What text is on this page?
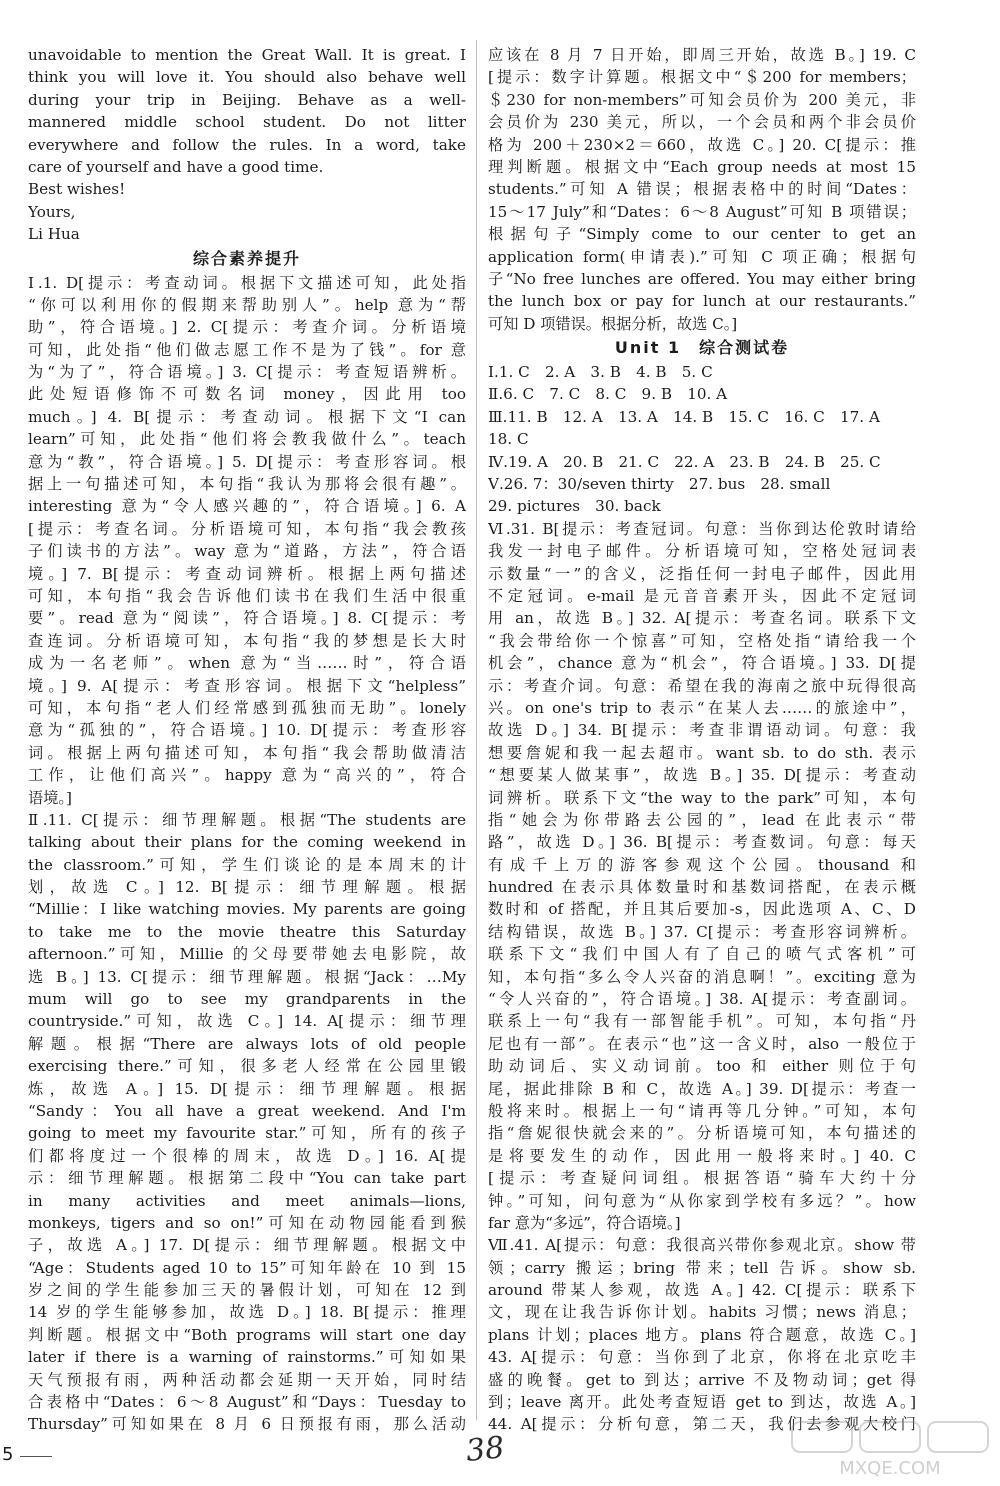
unavoidable to mention the Great Wall. It is great. I
think you will love it. You should also behave well
during your trip in Beijing. Behave as a well-
mannered middle school student. Do not litter
everywhere and follow the rules. In a word, take
care of yourself and have a good time.
Best wishes!
Yours,
Li Hua
综合素养提升
Ⅰ.1. D[提示：考查动词。根据下文描述可知，此处指
“你可以利用你的假期来帮助别人”。help 意为“帮
助”，符合语境。] 2. C[提示：考查介词。分析语境
可知，此处指“他们做志愿工作不是为了钱”。for 意
为“为了”，符合语境。] 3. C[提示：考查短语辨析。
此处短语修饰不可数名词 money，因此用 too
much。] 4. B[提示：考查动词。根据下文“I can
learn”可知，此处指“他们将会教我做什么”。teach
意为“教”，符合语境。] 5. D[提示：考查形容词。根
据上一句描述可知，本句指“我认为那将会很有趣”。
interesting 意为“令人感兴趣的”，符合语境。] 6. A
[提示：考查名词。分析语境可知，本句指“我会教孩
子们读书的方法”。way 意为“道路，方法”，符合语
境。] 7. B[提示：考查动词辨析。根据上两句描述
可知，本句指“我会告诉他们读书在我们生活中很重
要”。read 意为“阅读”，符合语境。] 8. C[提示：考
查连词。分析语境可知，本句指“我的梦想是长大时
成为一名老师”。when 意为“当……时”，符合语
境。] 9. A[提示：考查形容词。根据下文“helpless”
可知，本句指“老人们经常感到孤独而无助”。lonely
意为“孤独的”，符合语境。] 10. D[提示：考查形容
词。根据上两句描述可知，本句指“我会帮助做清洁
工作，让他们高兴”。happy 意为“高兴的”，符合
语境。]
Ⅱ.11. C[提示：细节理解题。根据“The students are
talking about their plans for the coming weekend in
the classroom.”可知，学生们谈论的是本周末的计
划，故选 C。] 12. B[提示：细节理解题。根据
“Millie：I like watching movies. My parents are going
to take me to the movie theatre this Saturday
afternoon.”可知，Millie 的父母要带她去电影院，故
选 B。] 13. C[提示：细节理解题。根据“Jack：…My
mum will go to see my grandparents in the
countryside.”可知，故选 C。] 14. A[提示：细节理
解题。根据“There are always lots of old people
exercising there.”可知，很多老人经常在公园里锻
炼，故选 A。] 15. D[提示：细节理解题。根据
“Sandy：You all have a great weekend. And I'm
going to meet my favourite star.”可知，所有的孩子
们都将度过一个很棒的周末，故选 D。] 16. A[提
示：细节理解题。根据第二段中“You can take part
in many activities and meet animals—lions,
monkeys, tigers and so on!”可知在动物园能看到猴
子，故选 A。] 17. D[提示：细节理解题。根据文中
“Age：Students aged 10 to 15”可知年龄在 10 到 15
岁之间的学生能参加三天的暑假计划，可知在 12 到
14 岁的学生能够参加，故选 D。] 18. B[提示：推理
判断题。根据文中“Both programs will start one day
later if there is a warning of rainstorms.”可知如果
天气预报有雨，两种活动都会延期一天开始，同时结
合表格中“Dates：6～8 August”和“Days：Tuesday to
Thursday”可知如果在 8 月 6 日预报有雨，那么活动
应该在 8 月 7 日开始，即周三开始，故选 B。] 19. C
[提示：数字计算题。根据文中“＄200 for members；
＄230 for non-members”可知会员价为 200 美元，非
会员价为 230 美元，所以，一个会员和两个非会员价
格为 200＋230×2＝660，故选 C。] 20. C[提示：推
理判断题。根据文中“Each group needs at most 15
students.”可知 A 错误；根据表格中的时间“Dates：
15～17 July”和“Dates：6～8 August”可知 B 项错误；
根据句子“Simply come to our center to get an
application form(申请表).”可知 C 项正确；根据句
子“No free lunches are offered. You may either bring
the lunch box or pay for lunch at our restaurants.”
可知 D 项错误。根据分析，故选 C。]
Unit 1　综合测试卷
Ⅰ.1. C　2. A　3. B　4. B　5. C
Ⅱ.6. C　7. C　8. C　9. B　10. A
Ⅲ.11. B　12. A　13. A　14. B　15. C　16. C　17. A
18. C
Ⅳ.19. A　20. B　21. C　22. A　23. B　24. B　25. C
Ⅴ.26. 7：30/seven thirty　27. bus　28. small
29. pictures　30. back
Ⅵ.31. B[提示：考查冠词。句意：当你到达伦敦时请给
我发一封电子邮件。分析语境可知，空格处冠词表
示数量“一”的含义，泛指任何一封电子邮件，因此用
不定冠词。e-mail 是元音音素开头，因此不定冠词
用 an，故选 B。] 32. A[提示：考查名词。联系下文
“我会带给你一个惊喜”可知，空格处指“请给我一个
机会”，chance 意为“机会”，符合语境。] 33. D[提
示：考查介词。句意：希望在我的海南之旅中玩得很高
兴。on one's trip to 表示“在某人去……的旅途中”，
故选 D。] 34. B[提示：考查非谓语动词。句意：我
想要詹妮和我一起去超市。want sb. to do sth. 表示
“想要某人做某事”，故选 B。] 35. D[提示：考查动
词辨析。联系下文“the way to the park”可知，本句
指“她会为你带路去公园的”，lead 在此表示“带
路”，故选 D。] 36. B[提示：考查数词。句意：每天
有成千上万的游客参观这个公园。thousand 和
hundred 在表示具体数量时和基数词搭配，在表示概
数时和 of 搭配，并且其后要加-s，因此选项 A、C、D
结构错误，故选 B。] 37. C[提示：考查形容词辨析。
联系下文“我们中国人有了自己的喷气式客机”可
知，本句指“多么令人兴奋的消息啊！”。exciting 意为
“令人兴奋的”，符合语境。] 38. A[提示：考查副词。
联系上一句“我有一部智能手机”。可知，本句指“丹
尼也有一部”。在表示“也”这一含义时，also 一般位于
助动词后、实义动词前。too 和 either 则位于句
尾，据此排除 B 和 C，故选 A。] 39. D[提示：考查一
般将来时。根据上一句“请再等几分钟。”可知，本句
指“詹妮很快就会来的”。分析语境可知，本句描述的
是将要发生的动作，因此用一般将来时。] 40. C
[提示：考查疑问词组。根据答语“骑车大约十分
钟。”可知，问句意为“从你家到学校有多远？”。how
far 意为“多远”，符合语境。]
Ⅶ.41. A[提示：句意：我很高兴带你参观北京。show 带
领；carry 搬运；bring 带来；tell 告诉。show sb.
around 带某人参观，故选 A。] 42. C[提示：联系下
文，现在让我告诉你计划。habits 习惯；news 消息；
plans 计划；places 地方。plans 符合题意，故选 C。]
43. A[提示：句意：当你到了北京，你将在北京吃丰
盛的晚餐。get to 到达；arrive 不及物动词；get 得
到；leave 离开。此处考查短语 get to 到达，故选 A。]
44. A[提示：分析句意，第二天，我们去参观大校门
5	38	MXQE.COM
